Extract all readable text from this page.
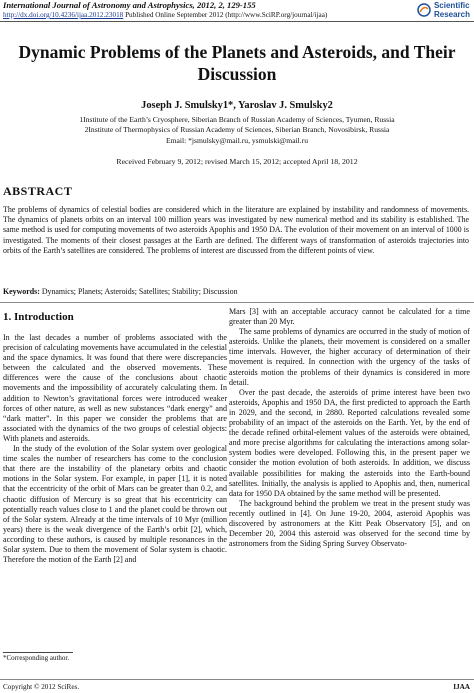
International Journal of Astronomy and Astrophysics, 2012, 2, 129-155
http://dx.doi.org/10.4236/ijaa.2012.23018 Published Online September 2012 (http://www.SciRP.org/journal/ijaa)
Scientific
Research
Dynamic Problems of the Planets and Asteroids, and Their Discussion
Joseph J. Smulsky1*, Yaroslav J. Smulsky2
1Institute of the Earth’s Cryosphere, Siberian Branch of Russian Academy of Sciences, Tyumen, Russia
2Institute of Thermophysics of Russian Academy of Sciences, Siberian Branch, Novosibirsk, Russia
Email: *jsmulsky@mail.ru, ysmulski@mail.ru
Received February 9, 2012; revised March 15, 2012; accepted April 18, 2012
ABSTRACT
The problems of dynamics of celestial bodies are considered which in the literature are explained by instability and randomness of movements. The dynamics of planets orbits on an interval 100 million years was investigated by new numerical method and its stability is established. The same method is used for computing movements of two asteroids Apophis and 1950 DA. The evolution of their movement on an interval of 1000 is investigated. The moments of their closest passages at the Earth are defined. The different ways of transformation of asteroids trajectories into orbits of the Earth’s satellites are considered. The problems of interest are discussed from the different points of view.
Keywords: Dynamics; Planets; Asteroids; Satellites; Stability; Discussion
1. Introduction

In the last decades a number of problems associated with the precision of calculating movements have accumulated in the celestial and the space dynamics. It was found that there were discrepancies between the calculated and the observed movements. These differences were the cause of the conclusions about chaotic movements and the impossibility of accurately calculating them. In addition to Newton’s gravitational forces were introduced weaker forces of other nature, as well as new substances “dark energy” and “dark matter”. In this paper we consider the problems that are associated with the dynamics of the two groups of celestial objects: With planets and asteroids.

In the study of the evolution of the Solar system over geological time scales the number of researchers has come to the conclusion that there are the instability of the planetary orbits and chaotic motions in the Solar system. For example, in paper [1], it is noted that the eccentricity of the orbit of Mars can be greater than 0.2, and chaotic diffusion of Mercury is so great that his eccentricity can potentially reach values close to 1 and the planet could be thrown out of the Solar system. Already at the time intervals of 10 Myr (million years) there is the weak divergence of the Earth’s orbit [2], which, according to these authors, is caused by multiple resonances in the Solar system. Due to them the movement of Solar system is chaotic. Therefore the motion of the Earth [2] and

Mars [3] with an acceptable accuracy cannot be calculated for a time greater than 20 Myr.

The same problems of dynamics are occurred in the study of motion of asteroids. Unlike the planets, their movement is considered on a smaller time intervals. However, the higher accuracy of determination of their movement is required. In connection with the urgency of the tasks of asteroids motion the problems of their dynamics is considered in more detail.

Over the past decade, the asteroids of prime interest have been two asteroids, Apophis and 1950 DA, the first predicted to approach the Earth in 2029, and the second, in 2880. Reported calculations revealed some probability of an impact of the asteroids on the Earth. Yet, by the end of the decade refined orbital-element values of the asteroids were obtained, and more precise algorithms for calculating the interactions among solar-system bodies were developed. Following this, in the present paper we consider the motion evolution of both asteroids. In addition, we discuss available possibilities for making the asteroids into the Earth-bound satellites. Initially, the analysis is applied to Apophis and, then, numerical data for 1950 DA obtained by the same method will be presented.

The background behind the problem we treat in the present study was recently outlined in [4]. On June 19-20, 2004, asteroid Apophis was discovered by astronomers at the Kitt Peak Observatory [5], and on December 20, 2004 this asteroid was observed for the second time by astronomers from the Siding Spring Survey Observato-

*Corresponding author.
Copyright © 2012 SciRes.	IJAA
